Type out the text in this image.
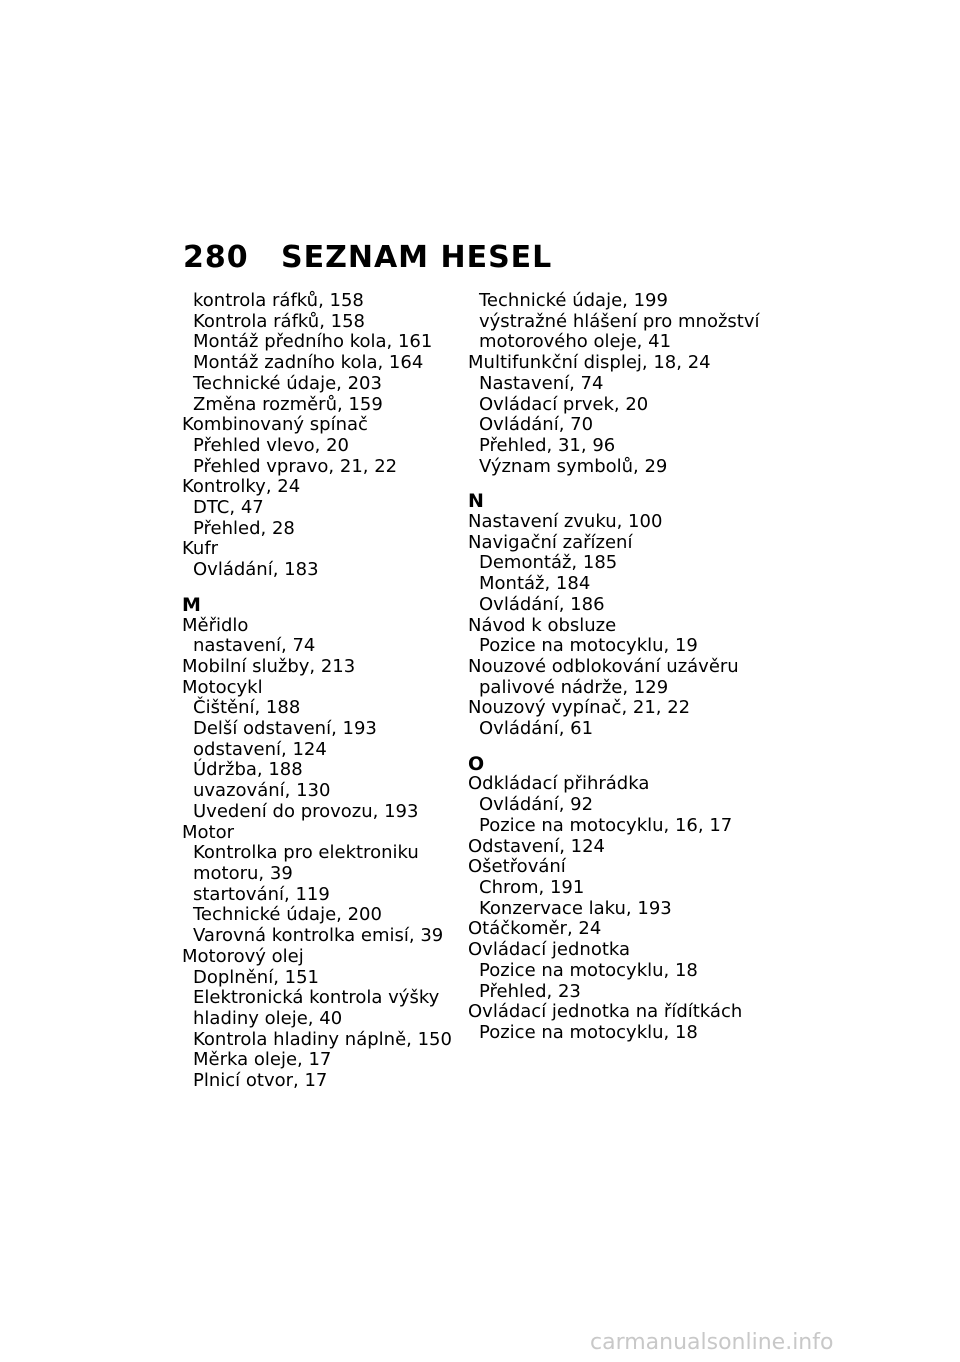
280 SEZNAM HESEL
kontrola ráfků, 158
Kontrola ráfků, 158
Montáž předního kola, 161
Montáž zadního kola, 164
Technické údaje, 203
Změna rozměrů, 159
Kombinovaný spínač
Přehled vlevo, 20
Přehled vpravo, 21, 22
Kontrolky, 24
DTC, 47
Přehled, 28
Kufr
Ovládání, 183
M
Měřidlo
nastavení, 74
Mobilní služby, 213
Motocykl
Čištění, 188
Delší odstavení, 193
odstavení, 124
Údržba, 188
uvazování, 130
Uvedení do provozu, 193
Motor
Kontrolka pro elektroniku
motoru, 39
startování, 119
Technické údaje, 200
Varovná kontrolka emisí, 39
Motorový olej
Doplnění, 151
Elektronická kontrola výšky
hladiny oleje, 40
Kontrola hladiny náplně, 150
Měrka oleje, 17
Plnicí otvor, 17
Technické údaje, 199
výstražné hlášení pro množství
motorového oleje, 41
Multifunkční displej, 18, 24
Nastavení, 74
Ovládací prvek, 20
Ovládání, 70
Přehled, 31, 96
Význam symbolů, 29
N
Nastavení zvuku, 100
Navigační zařízení
Demontáž, 185
Montáž, 184
Ovládání, 186
Návod k obsluze
Pozice na motocyklu, 19
Nouzové odblokování uzávěru
palivové nádrže, 129
Nouzový vypínač, 21, 22
Ovládání, 61
O
Odkládací přihrádka
Ovládání, 92
Pozice na motocyklu, 16, 17
Odstavení, 124
Ošetřování
Chrom, 191
Konzervace laku, 193
Otáčkoměr, 24
Ovládací jednotka
Pozice na motocyklu, 18
Přehled, 23
Ovládací jednotka na řídítkách
Pozice na motocyklu, 18
carmanualsonline.info
